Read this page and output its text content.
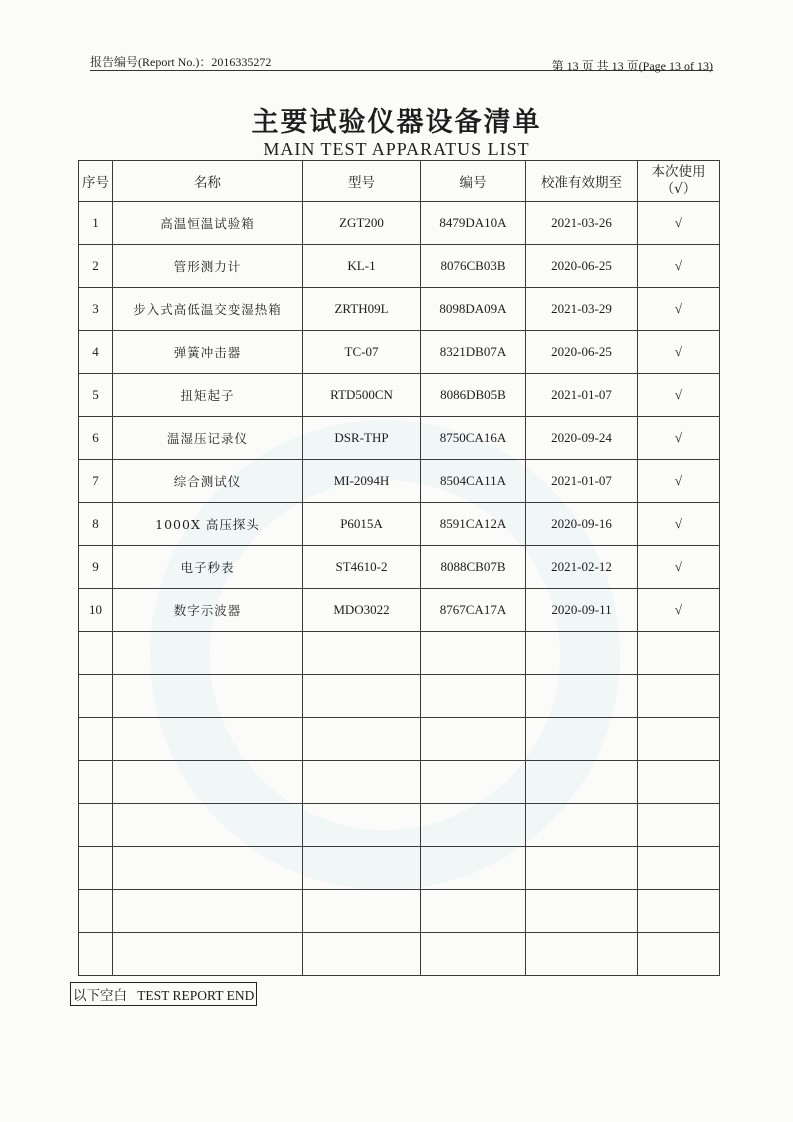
报告编号(Report No.)：2016335272	第 13 页 共 13 页(Page 13 of 13)
主要试验仪器设备清单
MAIN TEST APPARATUS LIST
序号	名称	型号	编号	校准有效期至	本次使用
（√）

1	高温恒温试验箱	ZGT200	8479DA10A	2021-03-26	√
2	管形测力计	KL-1	8076CB03B	2020-06-25	√
3	步入式高低温交变湿热箱	ZRTH09L	8098DA09A	2021-03-29	√
4	弹簧冲击器	TC-07	8321DB07A	2020-06-25	√
5	扭矩起子	RTD500CN	8086DB05B	2021-01-07	√
6	温湿压记录仪	DSR-THP	8750CA16A	2020-09-24	√
7	综合测试仪	MI-2094H	8504CA11A	2021-01-07	√
8	1000X 高压探头	P6015A	8591CA12A	2020-09-16	√
9	电子秒表	ST4610-2	8088CB07B	2021-02-12	√
10	数字示波器	MDO3022	8767CA17A	2020-09-11	√

以下空白 TEST REPORT END
